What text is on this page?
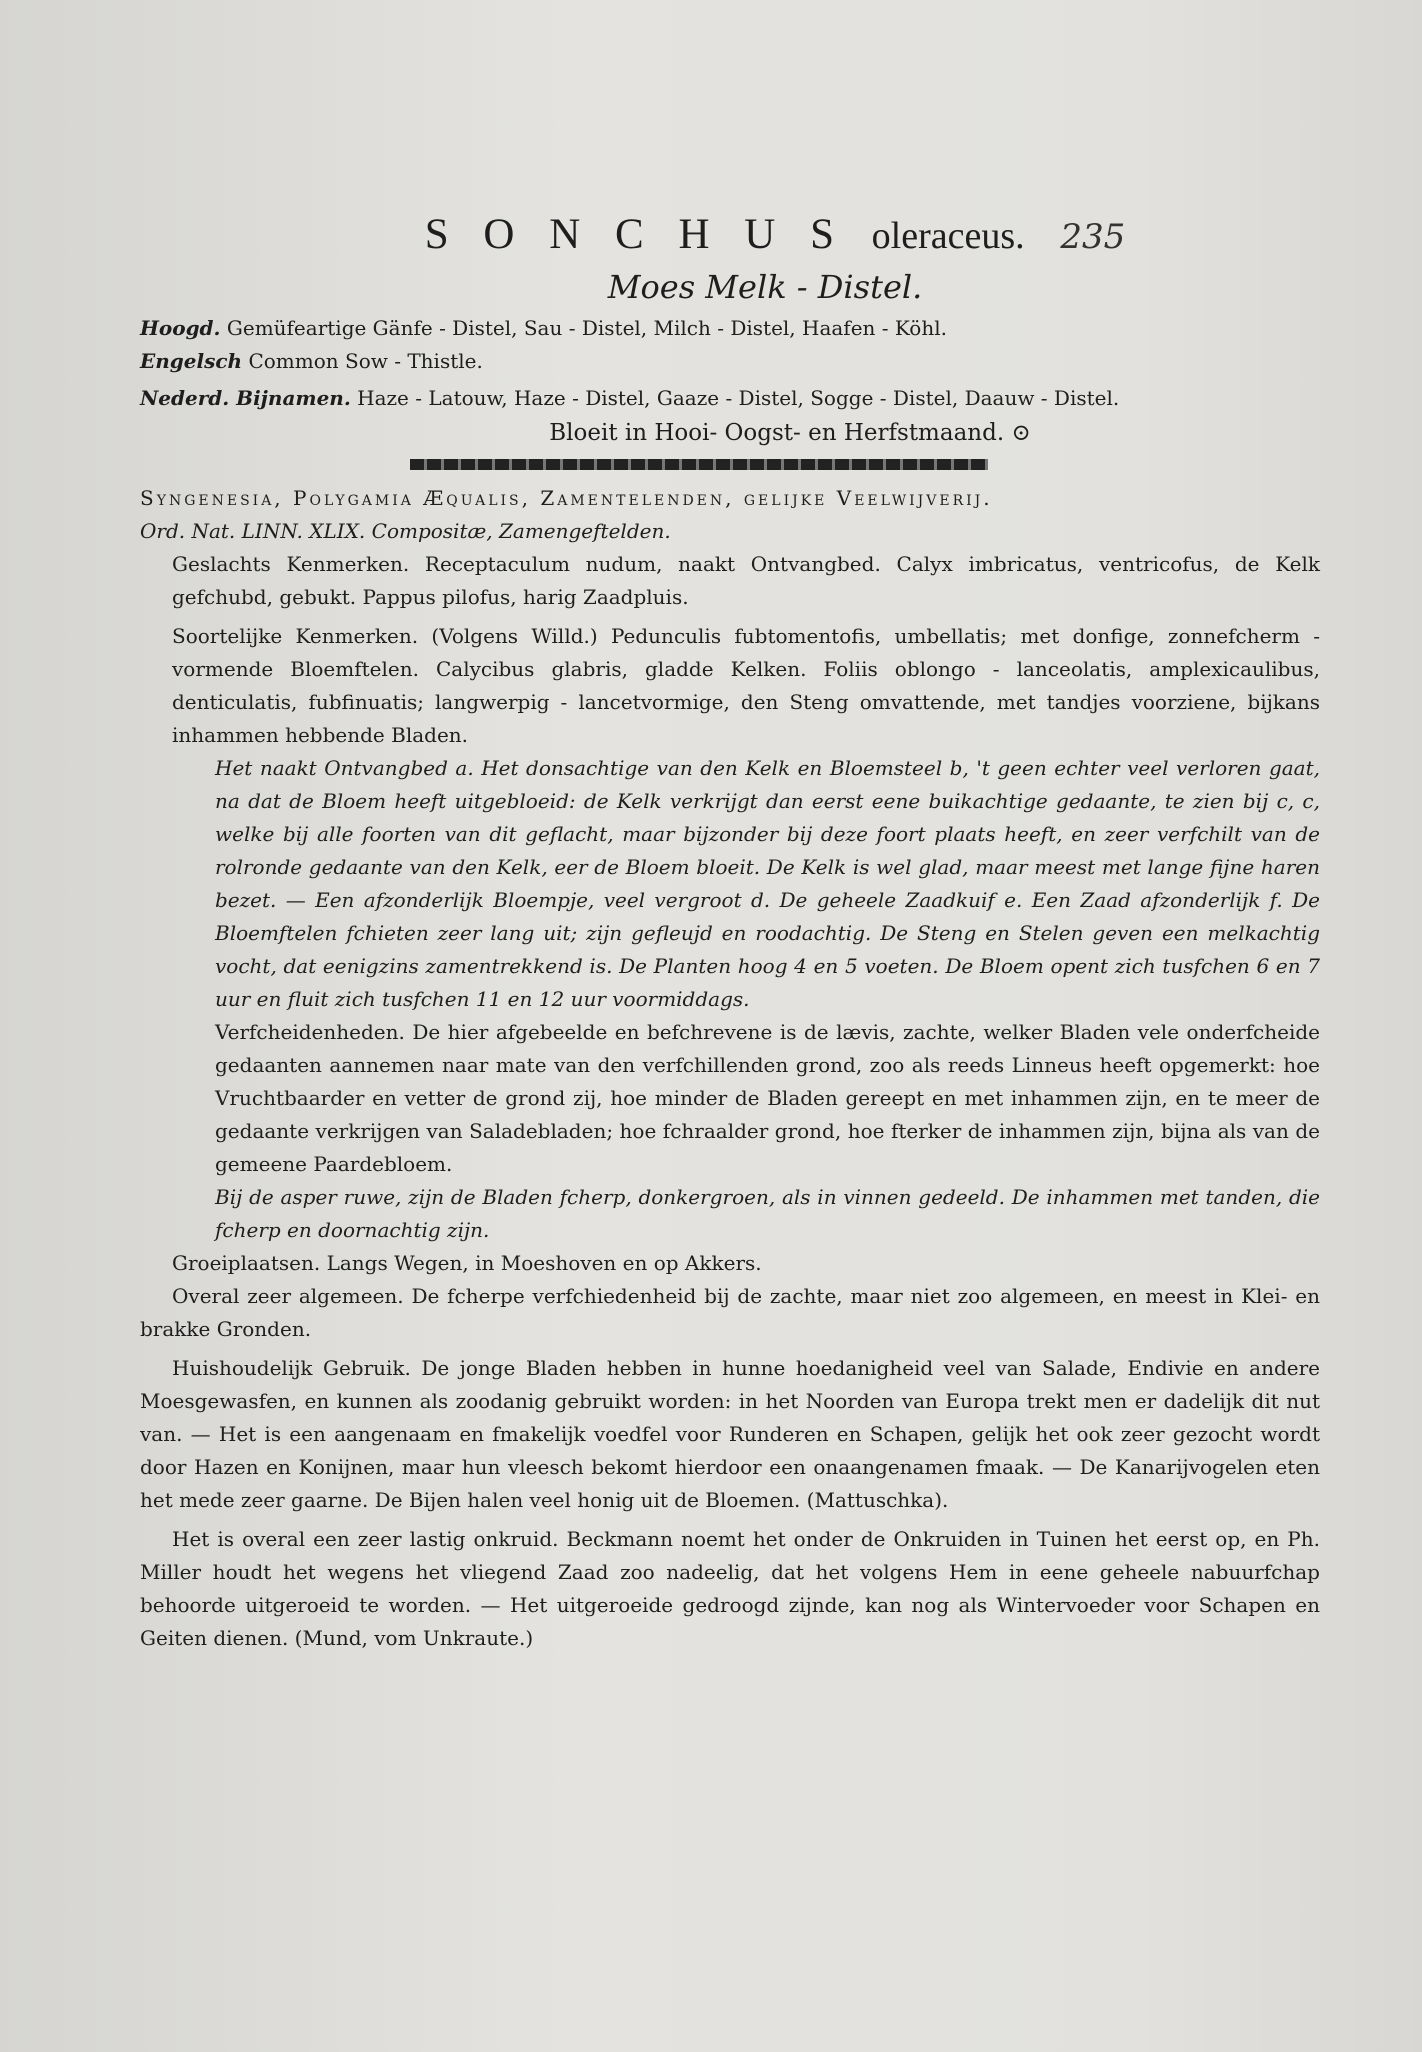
S O N C H U S oleraceus. 235
Moes Melk - Distel.

Hoogd. Gemüfeartige Gänfe - Distel, Sau - Distel, Milch - Distel, Haafen - Köhl.

Engelsch Common Sow - Thistle.

Nederd. Bijnamen. Haze - Latouw, Haze - Distel, Gaaze - Distel, Sogge - Distel, Daauw - Distel.

Bloeit in Hooi- Oogst- en Herfstmaand. ⊙

Syngenesia, Polygamia Æqualis, Zamentelenden, gelijke Veelwijverij.

Ord. Nat. LINN. XLIX. Compositæ, Zamengeftelden.

Geslachts Kenmerken. Receptaculum nudum, naakt Ontvangbed. Calyx imbricatus, ventricofus, de Kelk gefchubd, gebukt. Pappus pilofus, harig Zaadpluis.

Soortelijke Kenmerken. (Volgens Willd.) Pedunculis fubtomentofis, umbellatis; met donfige, zonnefcherm - vormende Bloemftelen. Calycibus glabris, gladde Kelken. Foliis oblongo - lanceolatis, amplexicaulibus, denticulatis, fubfinuatis; langwerpig - lancetvormige, den Steng omvattende, met tandjes voorziene, bijkans inhammen hebbende Bladen.

Het naakt Ontvangbed a. Het donsachtige van den Kelk en Bloemsteel b, 't geen echter veel verloren gaat, na dat de Bloem heeft uitgebloeid: de Kelk verkrijgt dan eerst eene buikachtige gedaante, te zien bij c, c, welke bij alle foorten van dit geflacht, maar bijzonder bij deze foort plaats heeft, en zeer verfchilt van de rolronde gedaante van den Kelk, eer de Bloem bloeit. De Kelk is wel glad, maar meest met lange fijne haren bezet. — Een afzonderlijk Bloempje, veel vergroot d. De geheele Zaadkuif e. Een Zaad afzonderlijk f. De Bloemftelen fchieten zeer lang uit; zijn gefleujd en roodachtig. De Steng en Stelen geven een melkachtig vocht, dat eenigzins zamentrekkend is. De Planten hoog 4 en 5 voeten. De Bloem opent zich tusfchen 6 en 7 uur en fluit zich tusfchen 11 en 12 uur voormiddags.

Verfcheidenheden. De hier afgebeelde en befchrevene is de lævis, zachte, welker Bladen vele onderfcheide gedaanten aannemen naar mate van den verfchillenden grond, zoo als reeds Linneus heeft opgemerkt: hoe Vruchtbaarder en vetter de grond zij, hoe minder de Bladen gereept en met inhammen zijn, en te meer de gedaante verkrijgen van Saladebladen; hoe fchraalder grond, hoe fterker de inhammen zijn, bijna als van de gemeene Paardebloem.

Bij de asper ruwe, zijn de Bladen fcherp, donkergroen, als in vinnen gedeeld. De inhammen met tanden, die fcherp en doornachtig zijn.

Groeiplaatsen. Langs Wegen, in Moeshoven en op Akkers.

Overal zeer algemeen. De fcherpe verfchiedenheid bij de zachte, maar niet zoo algemeen, en meest in Klei- en brakke Gronden.

Huishoudelijk Gebruik. De jonge Bladen hebben in hunne hoedanigheid veel van Salade, Endivie en andere Moesgewasfen, en kunnen als zoodanig gebruikt worden: in het Noorden van Europa trekt men er dadelijk dit nut van. — Het is een aangenaam en fmakelijk voedfel voor Runderen en Schapen, gelijk het ook zeer gezocht wordt door Hazen en Konijnen, maar hun vleesch bekomt hierdoor een onaangenamen fmaak. — De Kanarijvogelen eten het mede zeer gaarne. De Bijen halen veel honig uit de Bloemen. (Mattuschka).

Het is overal een zeer lastig onkruid. Beckmann noemt het onder de Onkruiden in Tuinen het eerst op, en Ph. Miller houdt het wegens het vliegend Zaad zoo nadeelig, dat het volgens Hem in eene geheele nabuurfchap behoorde uitgeroeid te worden. — Het uitgeroeide gedroogd zijnde, kan nog als Wintervoeder voor Schapen en Geiten dienen. (Mund, vom Unkraute.)
